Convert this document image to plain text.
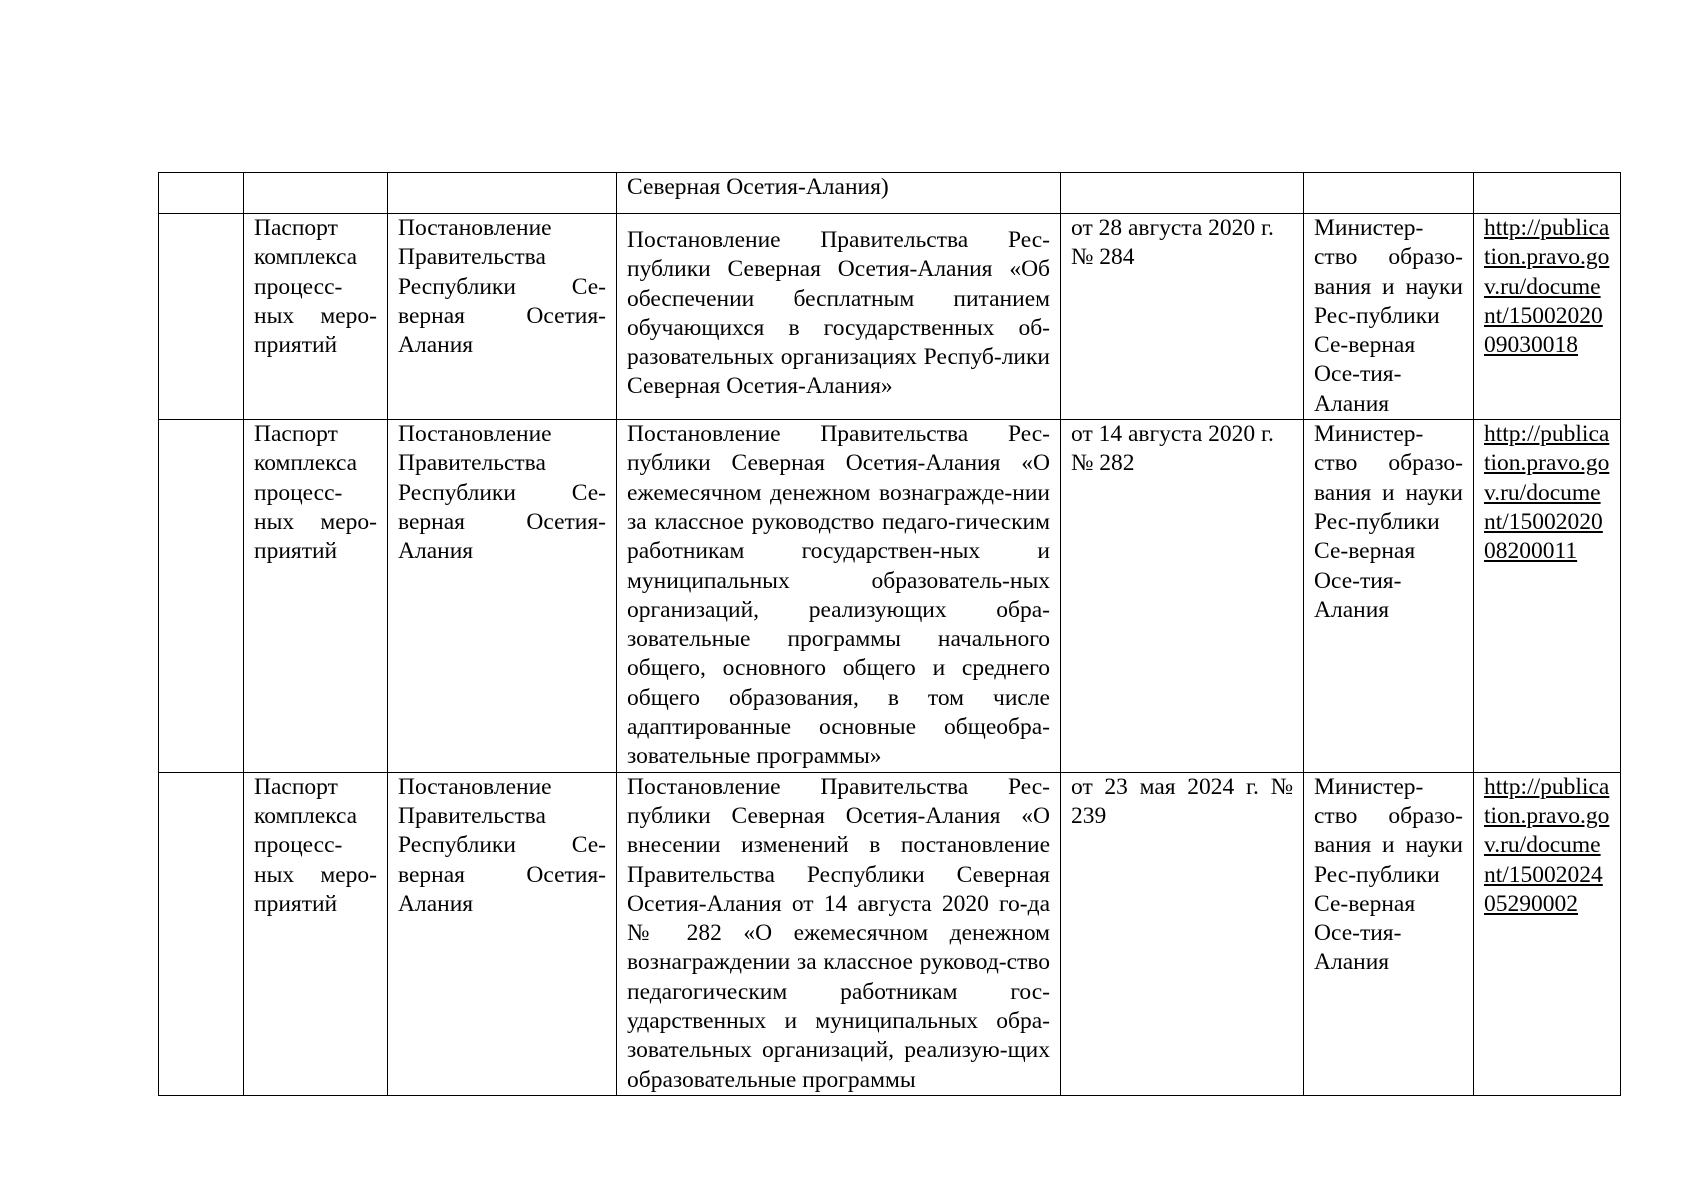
			Северная Осетия-Алания)			
	Паспорт комплекса процесс-ных меро-приятий	Постановление Правительства Республики Се-верная Осетия-Алания	Постановление Правительства Рес-публики Северная Осетия-Алания «Об обеспечении бесплатным питанием обучающихся в государственных об-разовательных организациях Респуб-лики Северная Осетия-Алания»	от 28 августа 2020 г. № 284	Министер-ство образо-вания и науки Рес-публики Се-верная Осе-тия-Алания	http://publication.pravo.gov.ru/document/1500202009030018

	Паспорт комплекса процесс-ных меро-приятий	Постановление Правительства Республики Се-верная Осетия-Алания	Постановление Правительства Рес-публики Северная Осетия-Алания «О ежемесячном денежном вознагражде-нии за классное руководство педаго-гическим работникам государствен-ных и муниципальных образователь-ных организаций, реализующих обра-зовательные программы начального общего, основного общего и среднего общего образования, в том числе адаптированные основные общеобра-зовательные программы»	от 14 августа 2020 г. № 282	Министер-ство образо-вания и науки Рес-публики Се-верная Осе-тия-Алания	http://publication.pravo.gov.ru/document/1500202008200011

	Паспорт комплекса процесс-ных меро-приятий	Постановление Правительства Республики Се-верная Осетия-Алания	Постановление Правительства Рес-публики Северная Осетия-Алания «О внесении изменений в постановление Правительства Республики Северная Осетия-Алания от 14 августа 2020 го-да № 282 «О ежемесячном денежном вознаграждении за классное руковод-ство педагогическим работникам гос-ударственных и муниципальных обра-зовательных организаций, реализую-щих образовательные программы	от 23 мая 2024 г. № 239	Министер-ство образо-вания и науки Рес-публики Се-верная Осе-тия-Алания	http://publication.pravo.gov.ru/document/1500202405290002
